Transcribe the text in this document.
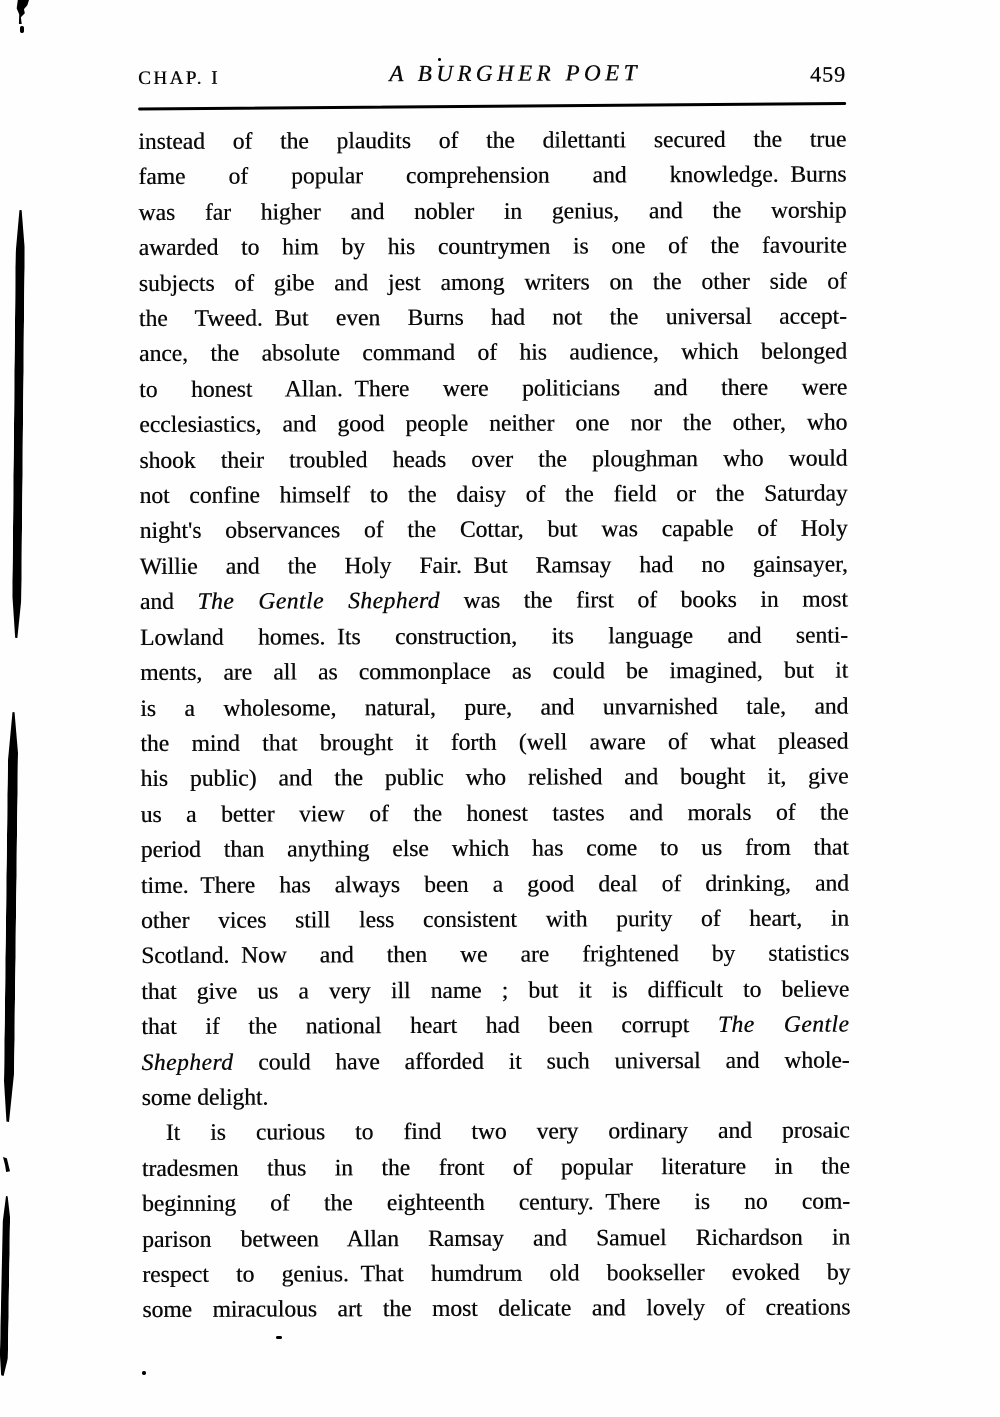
CHAP. I	A BURGHER POET	459
instead of the plaudits of the dilettanti secured the true
fame of popular comprehension and knowledge. Burns
was far higher and nobler in genius, and the worship
awarded to him by his countrymen is one of the favourite
subjects of gibe and jest among writers on the other side of
the Tweed. But even Burns had not the universal accept-
ance, the absolute command of his audience, which belonged
to honest Allan. There were politicians and there were
ecclesiastics, and good people neither one nor the other, who
shook their troubled heads over the ploughman who would
not confine himself to the daisy of the field or the Saturday
night's observances of the Cottar, but was capable of Holy
Willie and the Holy Fair. But Ramsay had no gainsayer,
and The Gentle Shepherd was the first of books in most
Lowland homes. Its construction, its language and senti-
ments, are all as commonplace as could be imagined, but it
is a wholesome, natural, pure, and unvarnished tale, and
the mind that brought it forth (well aware of what pleased
his public) and the public who relished and bought it, give
us a better view of the honest tastes and morals of the
period than anything else which has come to us from that
time. There has always been a good deal of drinking, and
other vices still less consistent with purity of heart, in
Scotland. Now and then we are frightened by statistics
that give us a very ill name ; but it is difficult to believe
that if the national heart had been corrupt The Gentle
Shepherd could have afforded it such universal and whole-
some delight.
It is curious to find two very ordinary and prosaic
tradesmen thus in the front of popular literature in the
beginning of the eighteenth century. There is no com-
parison between Allan Ramsay and Samuel Richardson in
respect to genius. That humdrum old bookseller evoked by
some miraculous art the most delicate and lovely of creations
